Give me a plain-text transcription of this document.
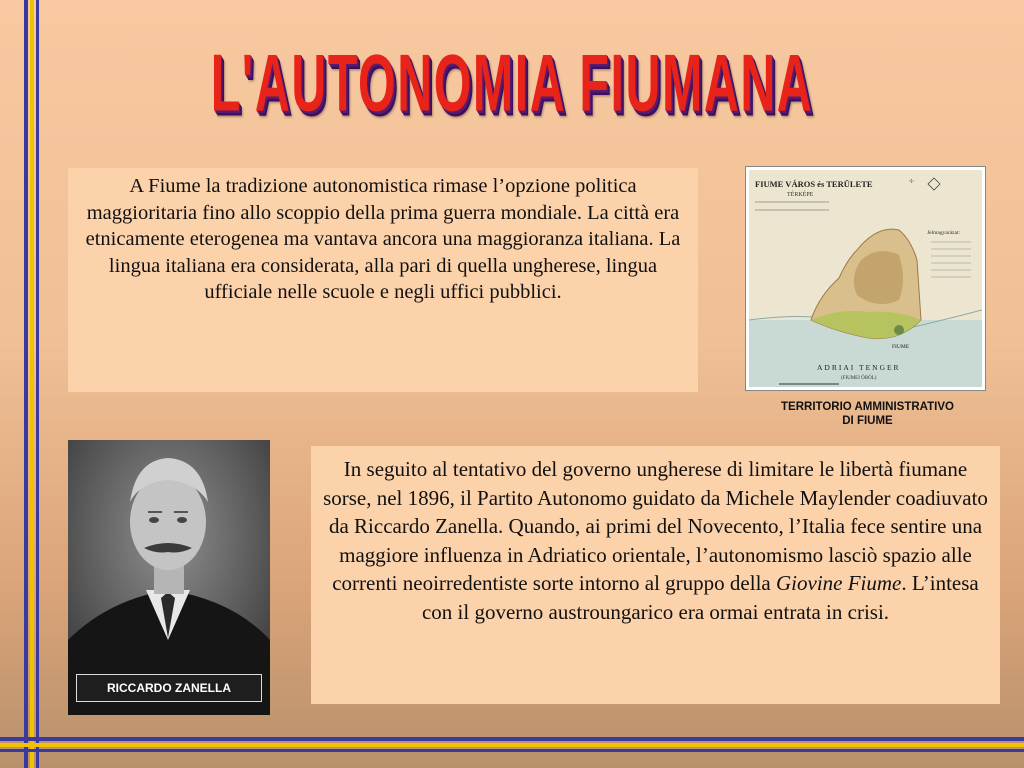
L'AUTONOMIA FIUMANA
A Fiume la tradizione autonomistica rimase l’opzione politica maggioritaria fino allo scoppio della prima guerra mondiale. La città era etnicamente eterogenea ma vantava ancora una maggioranza italiana. La lingua italiana era considerata, alla pari di quella ungherese, lingua ufficiale nelle scuole e negli uffici pubblici.
FIUME VÁROS és TERÜLETE
TÉRKÉPE
☩
Jelmagyarázat:
FIUME
ADRIAI TENGER
(FIUMEI ÖBÖL)
TERRITORIO AMMINISTRATIVO
DI FIUME
RICCARDO ZANELLA
In seguito al tentativo del governo ungherese di limitare le libertà fiumane sorse, nel 1896, il Partito Autonomo guidato da Michele Maylender coadiuvato da Riccardo Zanella. Quando, ai primi del Novecento, l’Italia fece sentire una maggiore influenza in Adriatico orientale, l’autonomismo lasciò spazio alle correnti neoirredentiste sorte intorno al gruppo della Giovine Fiume. L’intesa con il governo austroungarico era ormai entrata in crisi.
